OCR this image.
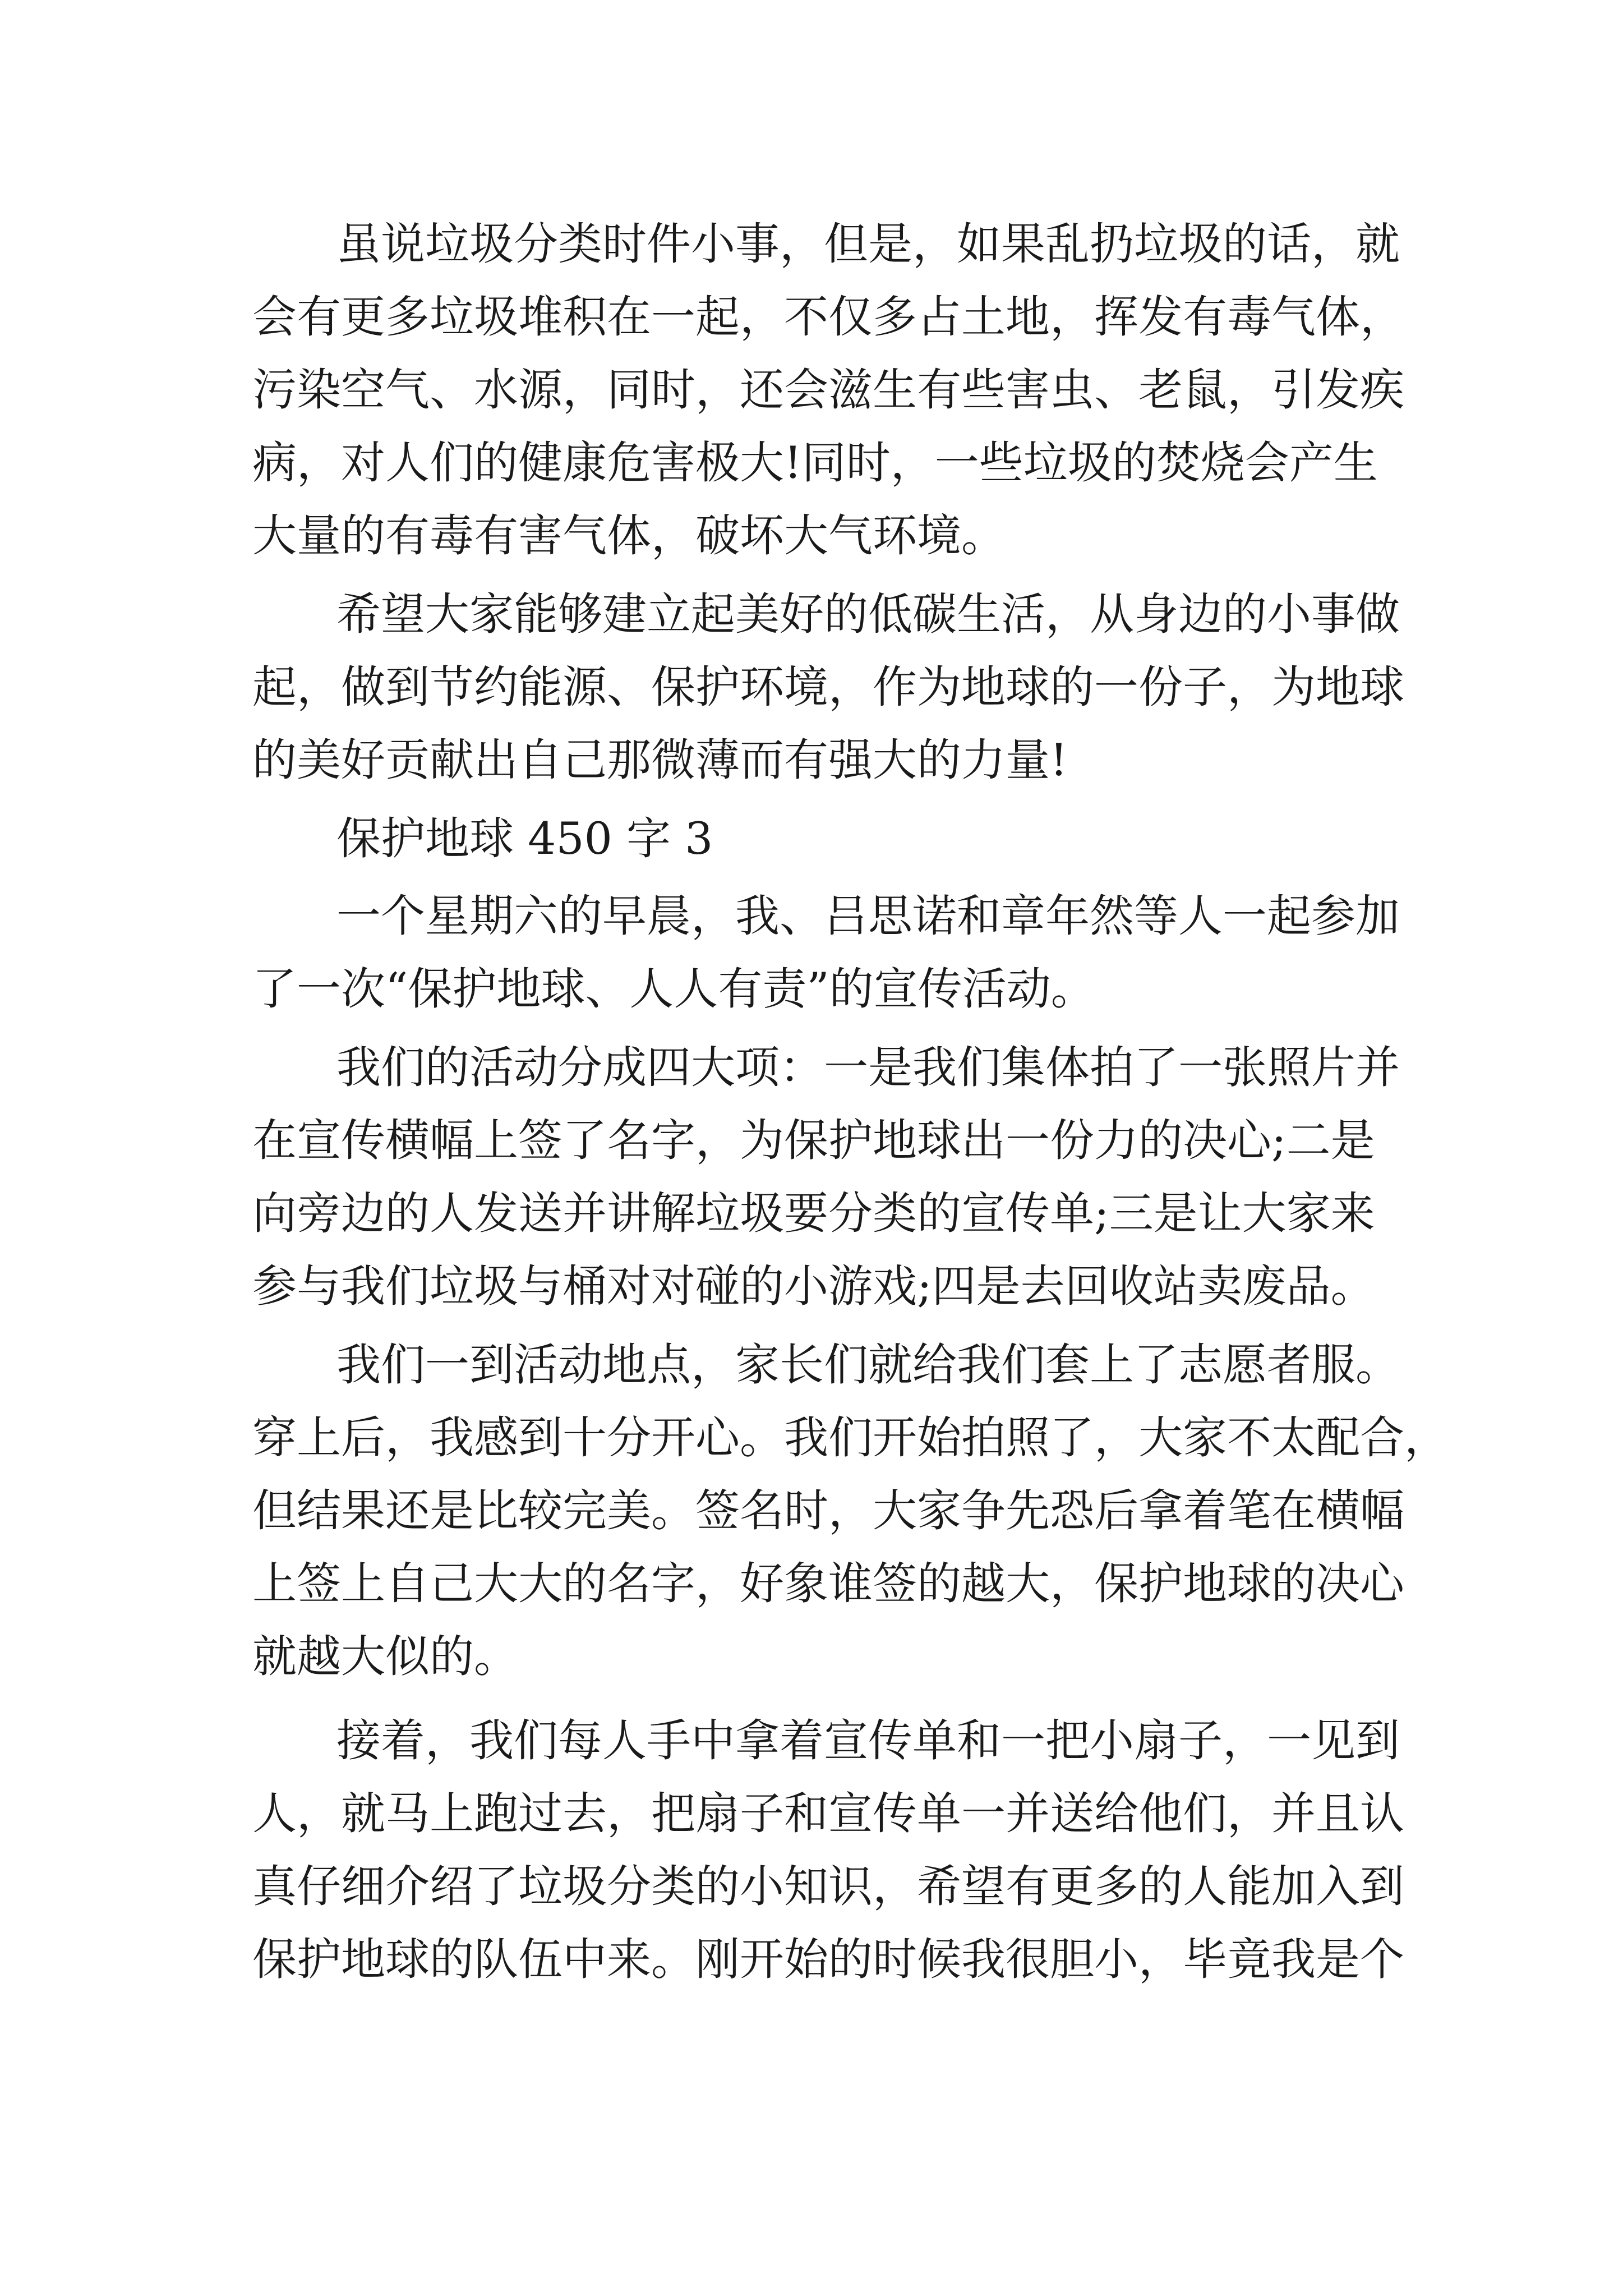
虽说垃圾分类时件小事，但是，如果乱扔垃圾的话，就
会有更多垃圾堆积在一起，不仅多占土地，挥发有毒气体，
污染空气、水源，同时，还会滋生有些害虫、老鼠，引发疾
病，对人们的健康危害极大!同时，一些垃圾的焚烧会产生
大量的有毒有害气体，破坏大气环境。
希望大家能够建立起美好的低碳生活，从身边的小事做
起，做到节约能源、保护环境，作为地球的一份子，为地球
的美好贡献出自己那微薄而有强大的力量!
保护地球 450 字 3
一个星期六的早晨，我、吕思诺和章年然等人一起参加
了一次“保护地球、人人有责”的宣传活动。
我们的活动分成四大项：一是我们集体拍了一张照片并
在宣传横幅上签了名字，为保护地球出一份力的决心;二是
向旁边的人发送并讲解垃圾要分类的宣传单;三是让大家来
参与我们垃圾与桶对对碰的小游戏;四是去回收站卖废品。
我们一到活动地点，家长们就给我们套上了志愿者服。
穿上后，我感到十分开心。我们开始拍照了，大家不太配合，
但结果还是比较完美。签名时，大家争先恐后拿着笔在横幅
上签上自己大大的名字，好象谁签的越大，保护地球的决心
就越大似的。
接着，我们每人手中拿着宣传单和一把小扇子，一见到
人，就马上跑过去，把扇子和宣传单一并送给他们，并且认
真仔细介绍了垃圾分类的小知识，希望有更多的人能加入到
保护地球的队伍中来。刚开始的时候我很胆小，毕竟我是个
